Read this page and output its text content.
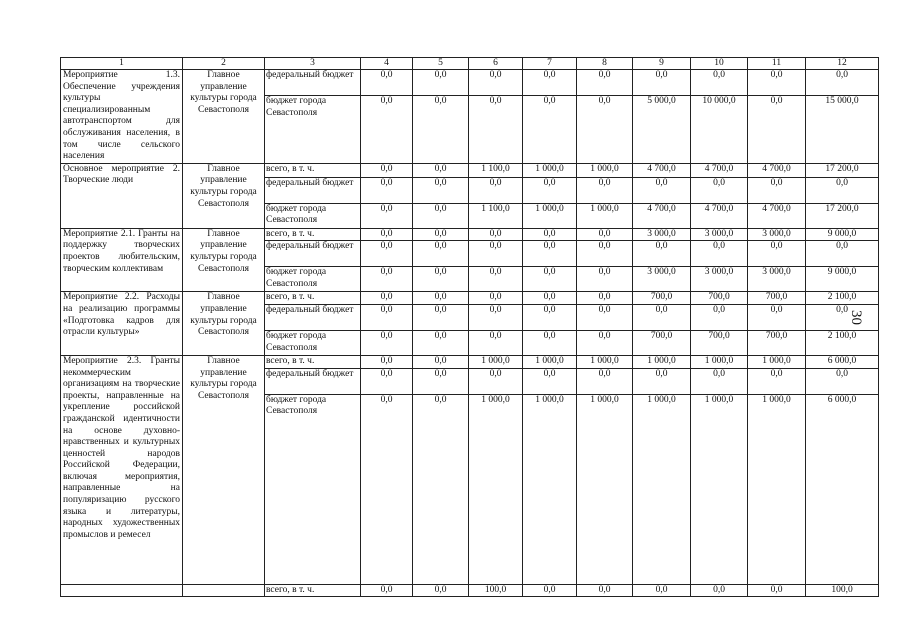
1	2	3	4	5	6	7	8	9	10	11	12
Мероприятие 1.3. Обеспечение учреждения культуры специализированным автотранспортом для обслуживания населения, в том числе сельского населения	Главное управление культуры города Севастополя	федеральный бюджет	0,0	0,0	0,0	0,0	0,0	0,0	0,0	0,0	0,0
		бюджет города Севастополя	0,0	0,0	0,0	0,0	0,0	5 000,0	10 000,0	0,0	15 000,0
Основное мероприятие 2. Творческие люди	Главное управление культуры города Севастополя	всего, в т. ч.	0,0	0,0	1 100,0	1 000,0	1 000,0	4 700,0	4 700,0	4 700,0	17 200,0
		федеральный бюджет	0,0	0,0	0,0	0,0	0,0	0,0	0,0	0,0	0,0
		бюджет города Севастополя	0,0	0,0	1 100,0	1 000,0	1 000,0	4 700,0	4 700,0	4 700,0	17 200,0
Мероприятие 2.1. Гранты на поддержку творческих проектов любительским, творческим коллективам	Главное управление культуры города Севастополя	всего, в т. ч.	0,0	0,0	0,0	0,0	0,0	3 000,0	3 000,0	3 000,0	9 000,0
		федеральный бюджет	0,0	0,0	0,0	0,0	0,0	0,0	0,0	0,0	0,0
		бюджет города Севастополя	0,0	0,0	0,0	0,0	0,0	3 000,0	3 000,0	3 000,0	9 000,0
Мероприятие 2.2. Расходы на реализацию программы «Подготовка кадров для отрасли культуры»	Главное управление культуры города Севастополя	всего, в т. ч.	0,0	0,0	0,0	0,0	0,0	700,0	700,0	700,0	2 100,0
		федеральный бюджет	0,0	0,0	0,0	0,0	0,0	0,0	0,0	0,0	0,0
		бюджет города Севастополя	0,0	0,0	0,0	0,0	0,0	700,0	700,0	700,0	2 100,0
Мероприятие 2.3. Гранты некоммерческим организациям на творческие проекты, направленные на укрепление российской гражданской идентичности на основе духовно-нравственных и культурных ценностей народов Российской Федерации, включая мероприятия, направленные на популяризацию русского языка и литературы, народных художественных промыслов и ремесел	Главное управление культуры города Севастополя	всего, в т. ч.	0,0	0,0	1 000,0	1 000,0	1 000,0	1 000,0	1 000,0	1 000,0	6 000,0
		федеральный бюджет	0,0	0,0	0,0	0,0	0,0	0,0	0,0	0,0	0,0
		бюджет города Севастополя	0,0	0,0	1 000,0	1 000,0	1 000,0	1 000,0	1 000,0	1 000,0	6 000,0
		всего, в т. ч.	0,0	0,0	100,0	0,0	0,0	0,0	0,0	0,0	100,0
30
